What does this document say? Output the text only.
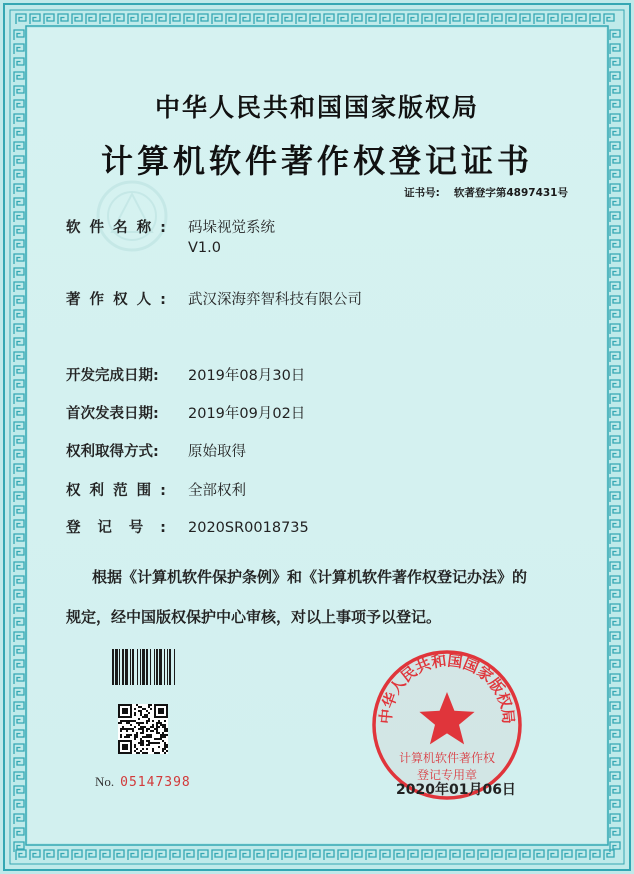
中华人民共和国国家版权局
计算机软件著作权登记证书
证书号: 软著登字第4897431号
软件名称: 码垛视觉系统
V1.0
著作权人: 武汉深海弈智科技有限公司
开发完成日期: 2019年08月30日
首次发表日期: 2019年09月02日
权利取得方式: 原始取得
权利范围: 全部权利
登记号: 2020SR0018735
根据《计算机软件保护条例》和《计算机软件著作权登记办法》的
规定，经中国版权保护中心审核，对以上事项予以登记。
No. 05147398
中华人民共和国国家版权局
计算机软件著作权
登记专用章
2020年01月06日
